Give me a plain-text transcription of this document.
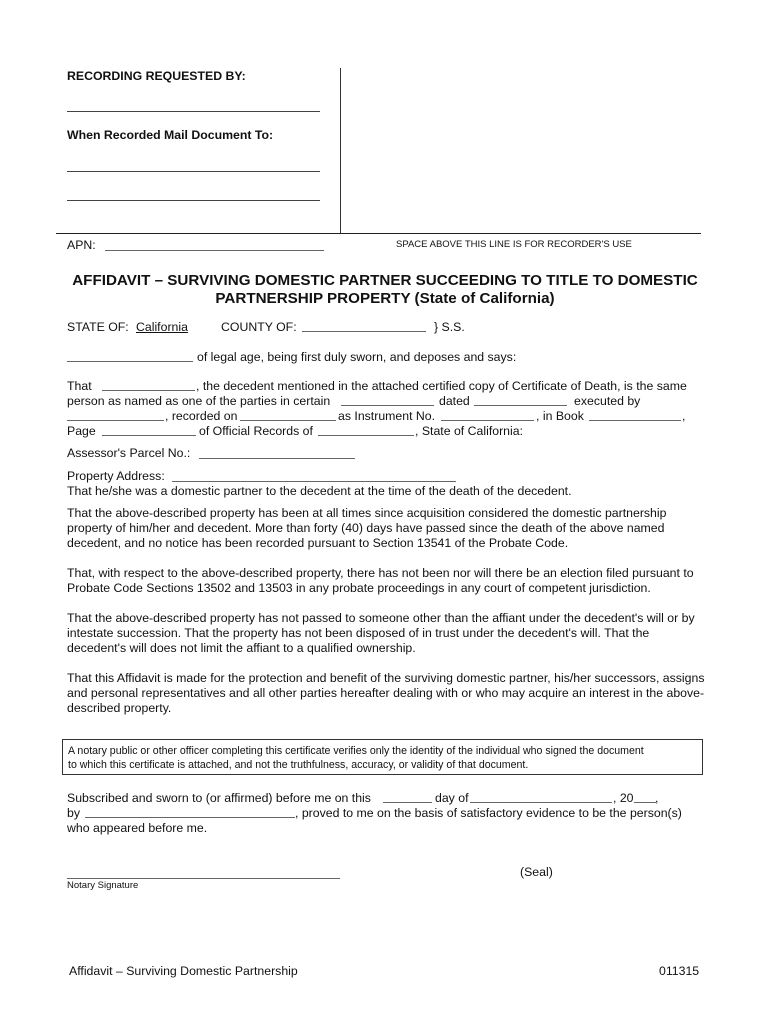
RECORDING REQUESTED BY:
When Recorded Mail Document To:
APN:	SPACE ABOVE THIS LINE IS FOR RECORDER'S USE
AFFIDAVIT – SURVIVING DOMESTIC PARTNER SUCCEEDING TO TITLE TO DOMESTIC
PARTNERSHIP PROPERTY (State of California)
STATE OF: California	COUNTY OF:	} S.S.
of legal age, being first duly sworn, and deposes and says:
That	, the decedent mentioned in the attached certified copy of Certificate of Death, is the same
person as named as one of the parties in certain	dated	executed by
, recorded on	as Instrument No.	, in Book	,
Page	of Official Records of	, State of California:
Assessor's Parcel No.:
Property Address:
That he/she was a domestic partner to the decedent at the time of the death of the decedent.

That the above-described property has been at all times since acquisition considered the domestic partnership property of him/her and decedent. More than forty (40) days have passed since the death of the above named decedent, and no notice has been recorded pursuant to Section 13541 of the Probate Code.

That, with respect to the above-described property, there has not been nor will there be an election filed pursuant to Probate Code Sections 13502 and 13503 in any probate proceedings in any court of competent jurisdiction.

That the above-described property has not passed to someone other than the affiant under the decedent's will or by intestate succession. That the property has not been disposed of in trust under the decedent's will. That the decedent's will does not limit the affiant to a qualified ownership.

That this Affidavit is made for the protection and benefit of the surviving domestic partner, his/her successors, assigns and personal representatives and all other parties hereafter dealing with or who may acquire an interest in the above- described property.

A notary public or other officer completing this certificate verifies only the identity of the individual who signed the document
to which this certificate is attached, and not the truthfulness, accuracy, or validity of that document.
Subscribed and sworn to (or affirmed) before me on this	day of	, 20 ,
by	, proved to me on the basis of satisfactory evidence to be the person(s)
who appeared before me.
(Seal)
Notary Signature
Affidavit – Surviving Domestic Partnership	011315
